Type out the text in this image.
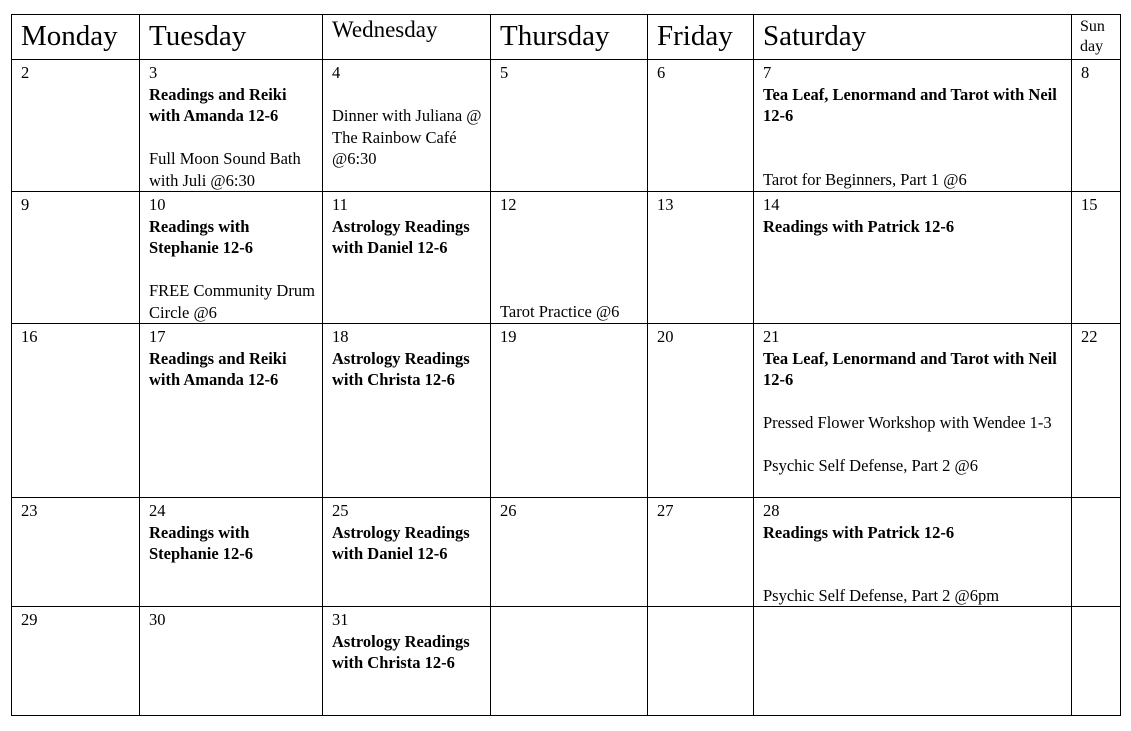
Monday	Tuesday	Wednesday	Thursday	Friday	Saturday	Sun
day

2	3
Readings and Reiki with Amanda 12-6
Full Moon Sound Bath with Juli @6:30	4
Dinner with Juliana @ The Rainbow Café @6:30	5	6	7
Tea Leaf, Lenormand and Tarot with Neil 12-6
Tarot for Beginners, Part 1 @6	8

9	10
Readings with Stephanie 12-6
FREE Community Drum Circle @6	11
Astrology Readings with Daniel 12-6	12
Tarot Practice @6	13	14
Readings with Patrick 12-6	15

16	17
Readings and Reiki with Amanda 12-6	18
Astrology Readings with Christa 12-6	19	20	21
Tea Leaf, Lenormand and Tarot with Neil 12-6
Pressed Flower Workshop with Wendee 1-3
Psychic Self Defense, Part 2 @6	22

23	24
Readings with Stephanie 12-6	25
Astrology Readings with Daniel 12-6	26	27	28
Readings with Patrick 12-6
Psychic Self Defense, Part 2 @6pm	

29	30	31
Astrology Readings with Christa 12-6				
